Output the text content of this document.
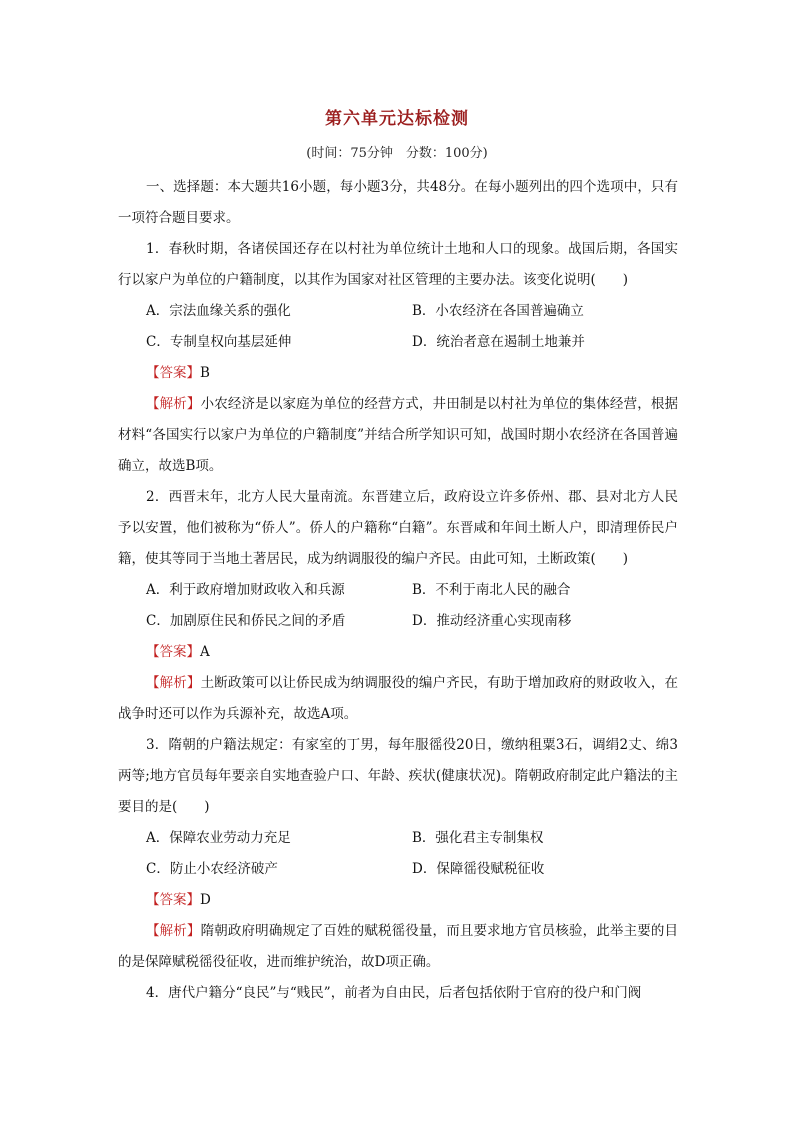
第六单元达标检测
(时间：75分钟　分数：100分)
一、选择题：本大题共16小题，每小题3分，共48分。在每小题列出的四个选项中，只有一项符合题目要求。
1．春秋时期，各诸侯国还存在以村社为单位统计土地和人口的现象。战国后期，各国实行以家户为单位的户籍制度，以其作为国家对社区管理的主要办法。该变化说明(　　)
A．宗法血缘关系的强化	B．小农经济在各国普遍确立
C．专制皇权向基层延伸	D．统治者意在遏制土地兼并
【答案】B
【解析】小农经济是以家庭为单位的经营方式，井田制是以村社为单位的集体经营，根据材料“各国实行以家户为单位的户籍制度”并结合所学知识可知，战国时期小农经济在各国普遍确立，故选B项。
2．西晋末年，北方人民大量南流。东晋建立后，政府设立许多侨州、郡、县对北方人民予以安置，他们被称为“侨人”。侨人的户籍称“白籍”。东晋咸和年间土断人户，即清理侨民户籍，使其等同于当地土著居民，成为纳调服役的编户齐民。由此可知，土断政策(　　)
A．利于政府增加财政收入和兵源	B．不利于南北人民的融合
C．加剧原住民和侨民之间的矛盾	D．推动经济重心实现南移
【答案】A
【解析】土断政策可以让侨民成为纳调服役的编户齐民，有助于增加政府的财政收入，在战争时还可以作为兵源补充，故选A项。
3．隋朝的户籍法规定：有家室的丁男，每年服徭役20日，缴纳租粟3石，调绢2丈、绵3两等;地方官员每年要亲自实地查验户口、年龄、疾状(健康状况)。隋朝政府制定此户籍法的主要目的是(　　)
A．保障农业劳动力充足	B．强化君主专制集权
C．防止小农经济破产	D．保障徭役赋税征收
【答案】D
【解析】隋朝政府明确规定了百姓的赋税徭役量，而且要求地方官员核验，此举主要的目的是保障赋税徭役征收，进而维护统治，故D项正确。
4．唐代户籍分“良民”与“贱民”，前者为自由民，后者包括依附于官府的役户和门阀
